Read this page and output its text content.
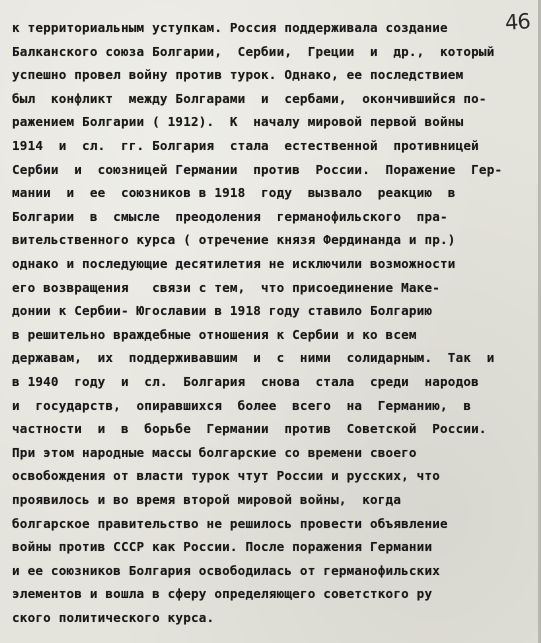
46
к территориальным уступкам. Россия поддерживала создание
Балканского союза Болгарии,  Сербии,  Греции  и  др.,  который
успешно провел войну против турок. Однако, ее последствием
был  конфликт  между Болгарами  и  сербами,  окончившийся по-
ражением Болгарии ( 1912).  К  началу мировой первой войны
1914  и  сл.  гг. Болгария  стала  естественной  противницей
Сербии  и  союзницей Германии  против  России.  Поражение  Гер-
мании  и  ее  союзников в 1918  году  вызвало  реакцию  в
Болгарии  в  смысле  преодоления  германофильского  пра-
вительственного курса ( отречение князя Фердинанда и пр.)
однако и последующие десятилетия не исключили возможности
его возвращения   связи с тем,  что присоединение Маке-
донии к Сербии- Югославии в 1918 году ставило Болгарию
в решительно враждебные отношения к Сербии и ко всем
державам,  их  поддерживавшим  и  с  ними  солидарным.  Так  и
в 1940  году  и  сл.  Болгария  снова  стала  среди  народов
и  государств,  опиравшихся  более  всего  на  Германию,  в
частности  и  в  борьбе  Германии  против  Советской  России.
При этом народные массы болгарские со времени своего
освобождения от власти турок чтут России и русских, что
проявилось и во время второй мировой войны,  когда
болгарское правительство не решилось провести объявление
войны против СССР как России. После поражения Германии
и ее союзников Болгария освободилась от германофильских
элементов и вошла в сферу определяющего советсткого ру
ского политического курса.
